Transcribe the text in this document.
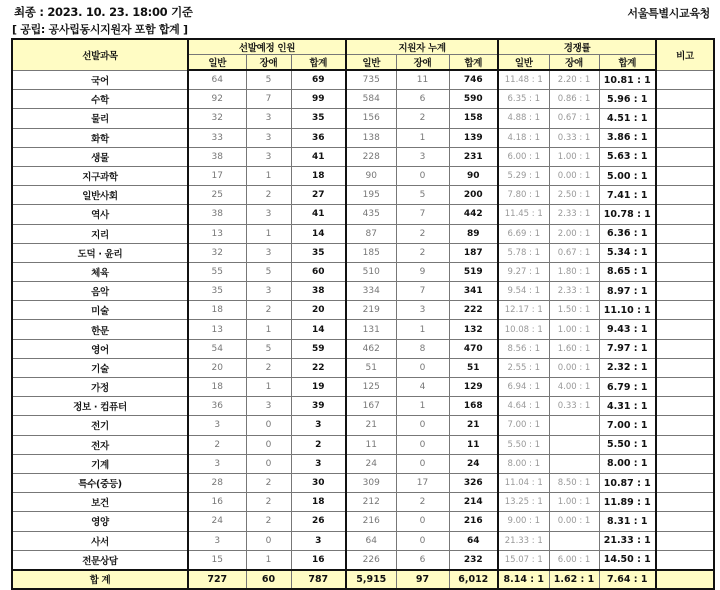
최종 : 2023. 10. 23. 18:00 기준	서울특별시교육청
[ 공립: 공사립동시지원자 포함 합계 ]
선발과목	선발예정 인원			지원자 누계			경쟁률			비고
	일반	장애	합계	일반	장애	합계	일반	장애	합계	
국어	64	5	69	735	11	746	11.48 : 1	2.20 : 1	10.81 : 1	
수학	92	7	99	584	6	590	6.35 : 1	0.86 : 1	5.96 : 1	
물리	32	3	35	156	2	158	4.88 : 1	0.67 : 1	4.51 : 1	
화학	33	3	36	138	1	139	4.18 : 1	0.33 : 1	3.86 : 1	
생물	38	3	41	228	3	231	6.00 : 1	1.00 : 1	5.63 : 1	
지구과학	17	1	18	90	0	90	5.29 : 1	0.00 : 1	5.00 : 1	
일반사회	25	2	27	195	5	200	7.80 : 1	2.50 : 1	7.41 : 1	
역사	38	3	41	435	7	442	11.45 : 1	2.33 : 1	10.78 : 1	
지리	13	1	14	87	2	89	6.69 : 1	2.00 : 1	6.36 : 1	
도덕 · 윤리	32	3	35	185	2	187	5.78 : 1	0.67 : 1	5.34 : 1	
체육	55	5	60	510	9	519	9.27 : 1	1.80 : 1	8.65 : 1	
음악	35	3	38	334	7	341	9.54 : 1	2.33 : 1	8.97 : 1	
미술	18	2	20	219	3	222	12.17 : 1	1.50 : 1	11.10 : 1	
한문	13	1	14	131	1	132	10.08 : 1	1.00 : 1	9.43 : 1	
영어	54	5	59	462	8	470	8.56 : 1	1.60 : 1	7.97 : 1	
기술	20	2	22	51	0	51	2.55 : 1	0.00 : 1	2.32 : 1	
가정	18	1	19	125	4	129	6.94 : 1	4.00 : 1	6.79 : 1	
정보 · 컴퓨터	36	3	39	167	1	168	4.64 : 1	0.33 : 1	4.31 : 1	
전기	3	0	3	21	0	21	7.00 : 1		7.00 : 1	
전자	2	0	2	11	0	11	5.50 : 1		5.50 : 1	
기계	3	0	3	24	0	24	8.00 : 1		8.00 : 1	
특수(중등)	28	2	30	309	17	326	11.04 : 1	8.50 : 1	10.87 : 1	
보건	16	2	18	212	2	214	13.25 : 1	1.00 : 1	11.89 : 1	
영양	24	2	26	216	0	216	9.00 : 1	0.00 : 1	8.31 : 1	
사서	3	0	3	64	0	64	21.33 : 1		21.33 : 1	
전문상담	15	1	16	226	6	232	15.07 : 1	6.00 : 1	14.50 : 1	
합 계	727	60	787	5,915	97	6,012	8.14 : 1	1.62 : 1	7.64 : 1	
